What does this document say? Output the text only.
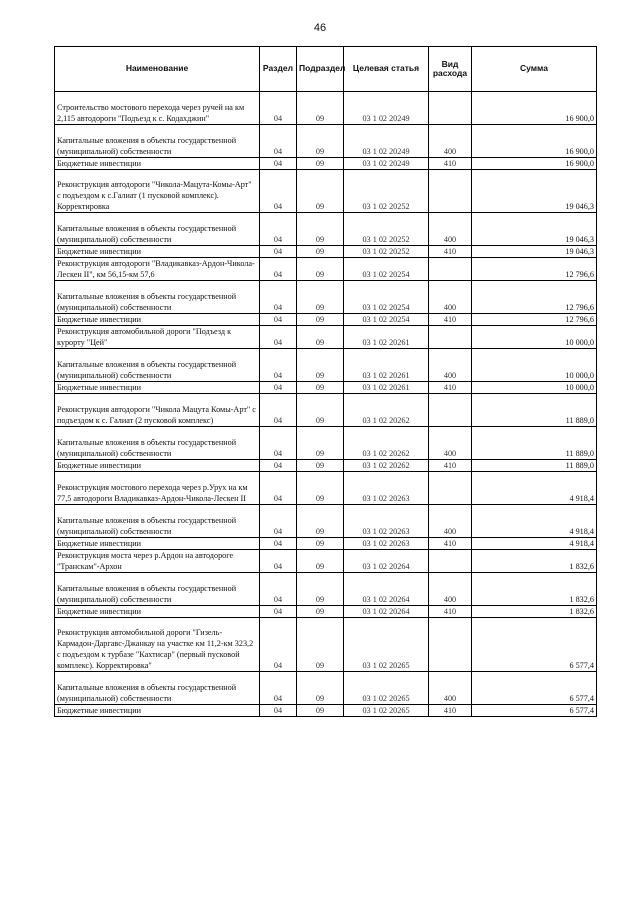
46
Наименование	Раздел	Подраздел	Целевая статья	Вид расхода	Сумма
Строительство мостового перехода через ручей на км 2,115 автодороги "Подъезд к с. Кодахджин"	04	09	03 1 02 20249		16 900,0
Капитальные вложения в объекты государственной (муниципальной) собственности	04	09	03 1 02 20249	400	16 900,0
Бюджетные инвестиции	04	09	03 1 02 20249	410	16 900,0
Реконструкция автодороги "Чикола-Мацута-Комы-Арт" с подъездом к с.Галиат (1 пусковой комплекс). Корректировка	04	09	03 1 02 20252		19 046,3
Капитальные вложения в объекты государственной (муниципальной) собственности	04	09	03 1 02 20252	400	19 046,3
Бюджетные инвестиции	04	09	03 1 02 20252	410	19 046,3
Реконструкция автодороги "Владикавказ-Ардон-Чикола-Лескен II", км 56,15-км 57,6	04	09	03 1 02 20254		12 796,6
Капитальные вложения в объекты государственной (муниципальной) собственности	04	09	03 1 02 20254	400	12 796,6
Бюджетные инвестиции	04	09	03 1 02 20254	410	12 796,6
Реконструкция автомобильной дороги "Подъезд к курорту "Цей"	04	09	03 1 02 20261		10 000,0
Капитальные вложения в объекты государственной (муниципальной) собственности	04	09	03 1 02 20261	400	10 000,0
Бюджетные инвестиции	04	09	03 1 02 20261	410	10 000,0
Реконструкция автодороги "Чикола Мацута Комы-Арт" с подъездом к с. Галиат (2 пусковой комплекс)	04	09	03 1 02 20262		11 889,0
Капитальные вложения в объекты государственной (муниципальной) собственности	04	09	03 1 02 20262	400	11 889,0
Бюджетные инвестиции	04	09	03 1 02 20262	410	11 889,0
Реконструкция мостового перехода через р.Урух на км 77,5 автодороги Владикавказ-Ардон-Чикола-Лескен II	04	09	03 1 02 20263		4 918,4
Капитальные вложения в объекты государственной (муниципальной) собственности	04	09	03 1 02 20263	400	4 918,4
Бюджетные инвестиции	04	09	03 1 02 20263	410	4 918,4
Реконструкция моста через р.Ардон на автодороге "Транскам"-Архон	04	09	03 1 02 20264		1 832,6
Капитальные вложения в объекты государственной (муниципальной) собственности	04	09	03 1 02 20264	400	1 832,6
Бюджетные инвестиции	04	09	03 1 02 20264	410	1 832,6
Реконструкция автомобильной дороги "Гизель-Кармадон-Даргавс-Джанкау на участке км 11,2-км 323,2 с подъездом к турбазе "Кахтисар" (первый пусковой комплекс). Корректировка"	04	09	03 1 02 20265		6 577,4
Капитальные вложения в объекты государственной (муниципальной) собственности	04	09	03 1 02 20265	400	6 577,4
Бюджетные инвестиции	04	09	03 1 02 20265	410	6 577,4
